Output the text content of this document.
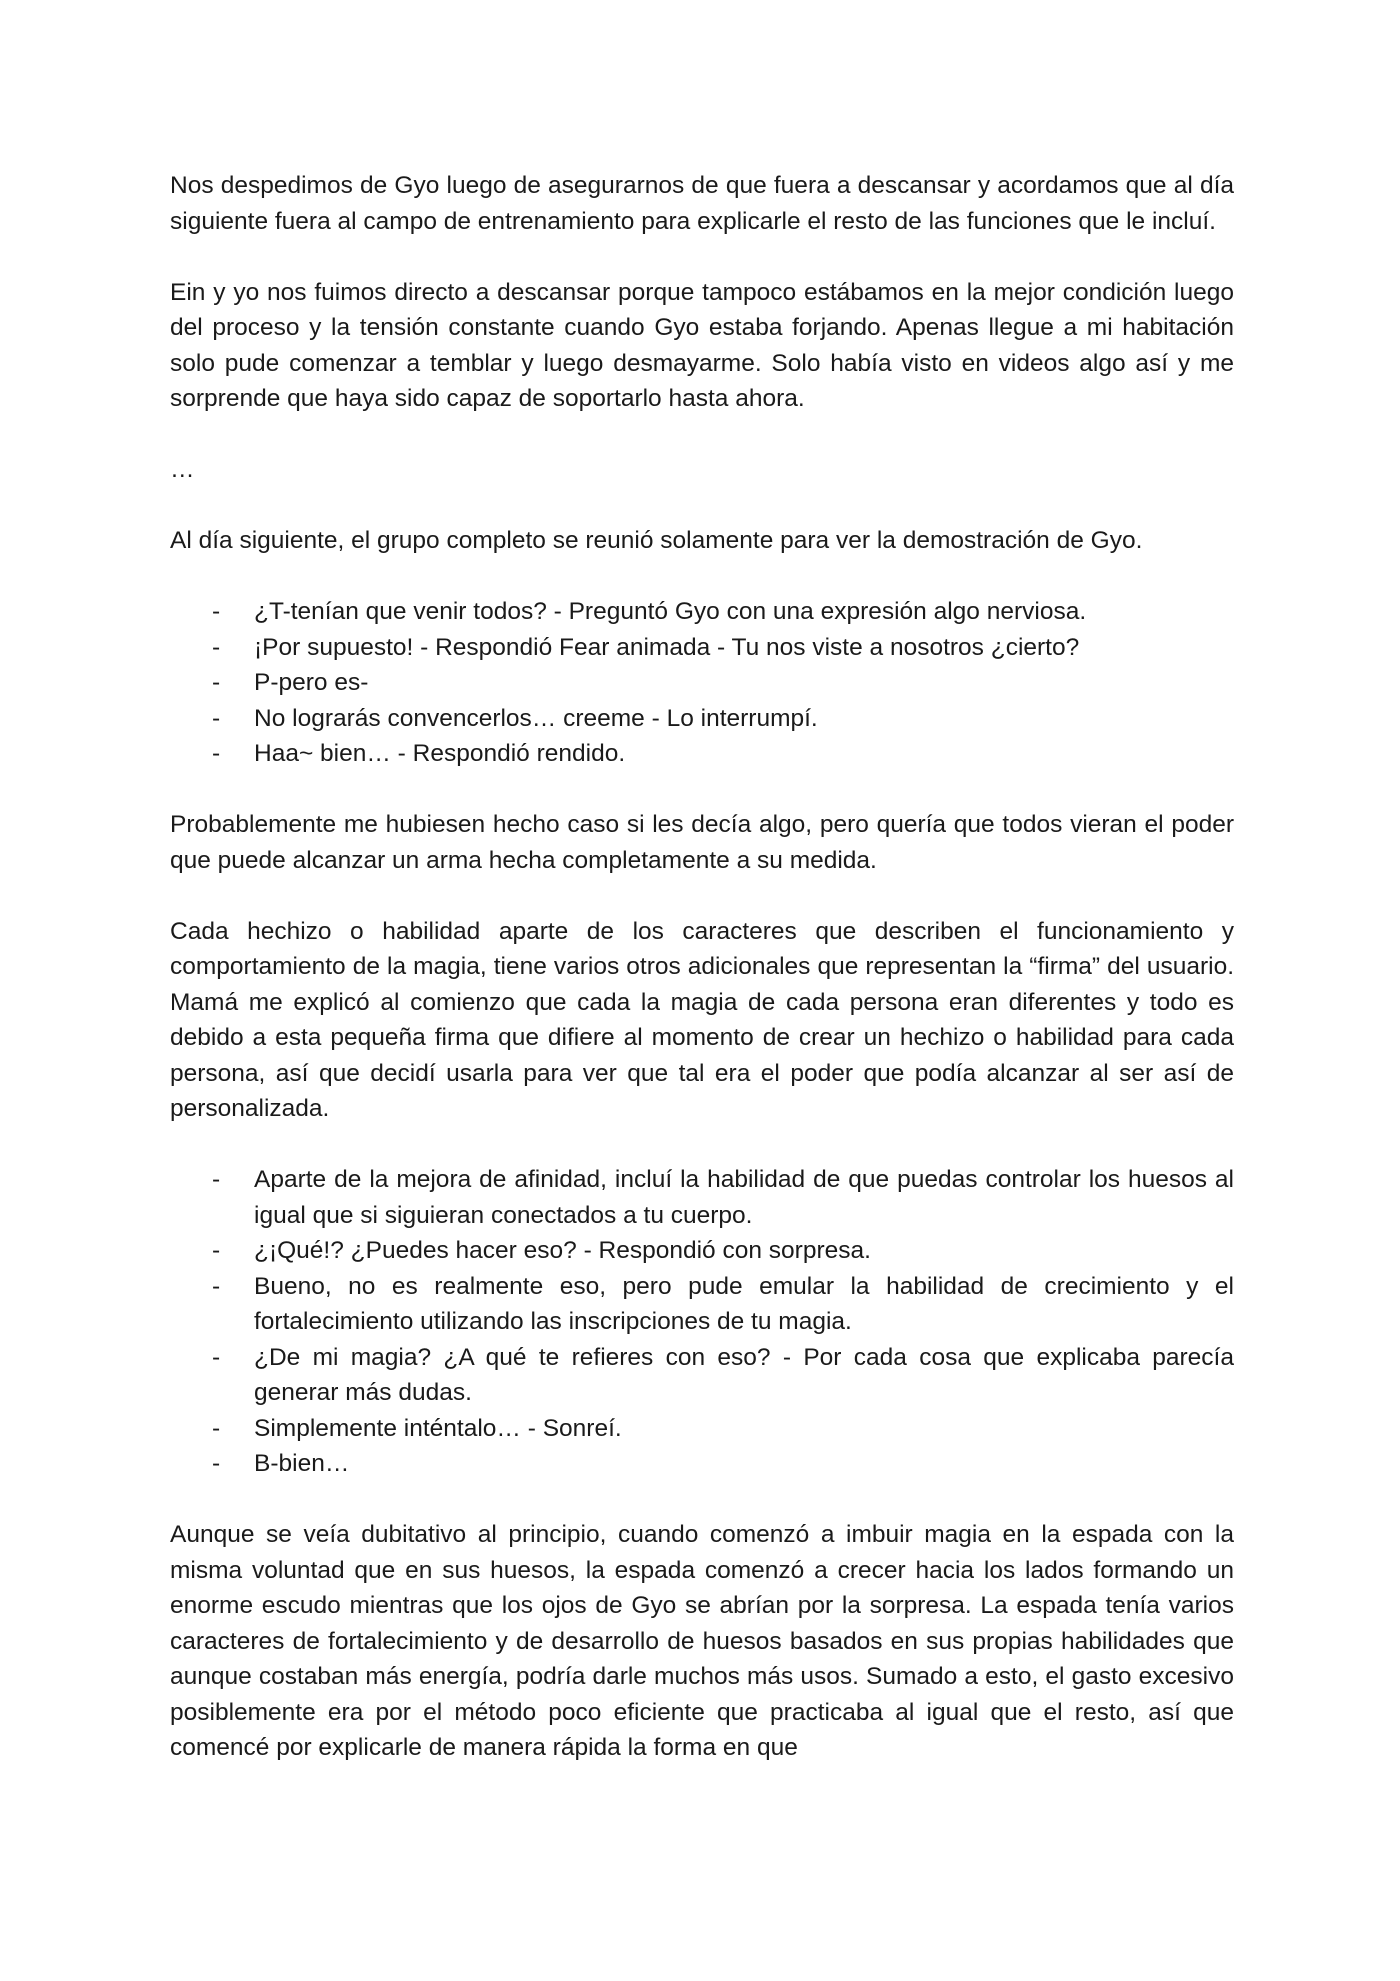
Nos despedimos de Gyo luego de asegurarnos de que fuera a descansar y acordamos que al día siguiente fuera al campo de entrenamiento para explicarle el resto de las funciones que le incluí.

Ein y yo nos fuimos directo a descansar porque tampoco estábamos en la mejor condición luego del proceso y la tensión constante cuando Gyo estaba forjando. Apenas llegue a mi habitación solo pude comenzar a temblar y luego desmayarme. Solo había visto en videos algo así y me sorprende que haya sido capaz de soportarlo hasta ahora.

…

Al día siguiente, el grupo completo se reunió solamente para ver la demostración de Gyo.

- ¿T-tenían que venir todos? - Preguntó Gyo con una expresión algo nerviosa.
- ¡Por supuesto! - Respondió Fear animada - Tu nos viste a nosotros ¿cierto?
- P-pero es-
- No lograrás convencerlos… creeme - Lo interrumpí.
- Haa~ bien… - Respondió rendido.

Probablemente me hubiesen hecho caso si les decía algo, pero quería que todos vieran el poder que puede alcanzar un arma hecha completamente a su medida.

Cada hechizo o habilidad aparte de los caracteres que describen el funcionamiento y comportamiento de la magia, tiene varios otros adicionales que representan la “firma” del usuario. Mamá me explicó al comienzo que cada la magia de cada persona eran diferentes y todo es debido a esta pequeña firma que difiere al momento de crear un hechizo o habilidad para cada persona, así que decidí usarla para ver que tal era el poder que podía alcanzar al ser así de personalizada.

- Aparte de la mejora de afinidad, incluí la habilidad de que puedas controlar los huesos al igual que si siguieran conectados a tu cuerpo.
- ¿¡Qué!? ¿Puedes hacer eso? - Respondió con sorpresa.
- Bueno, no es realmente eso, pero pude emular la habilidad de crecimiento y el fortalecimiento utilizando las inscripciones de tu magia.
- ¿De mi magia? ¿A qué te refieres con eso? - Por cada cosa que explicaba parecía generar más dudas.
- Simplemente inténtalo… - Sonreí.
- B-bien…

Aunque se veía dubitativo al principio, cuando comenzó a imbuir magia en la espada con la misma voluntad que en sus huesos, la espada comenzó a crecer hacia los lados formando un enorme escudo mientras que los ojos de Gyo se abrían por la sorpresa. La espada tenía varios caracteres de fortalecimiento y de desarrollo de huesos basados en sus propias habilidades que aunque costaban más energía, podría darle muchos más usos. Sumado a esto, el gasto excesivo posiblemente era por el método poco eficiente que practicaba al igual que el resto, así que comencé por explicarle de manera rápida la forma en que
